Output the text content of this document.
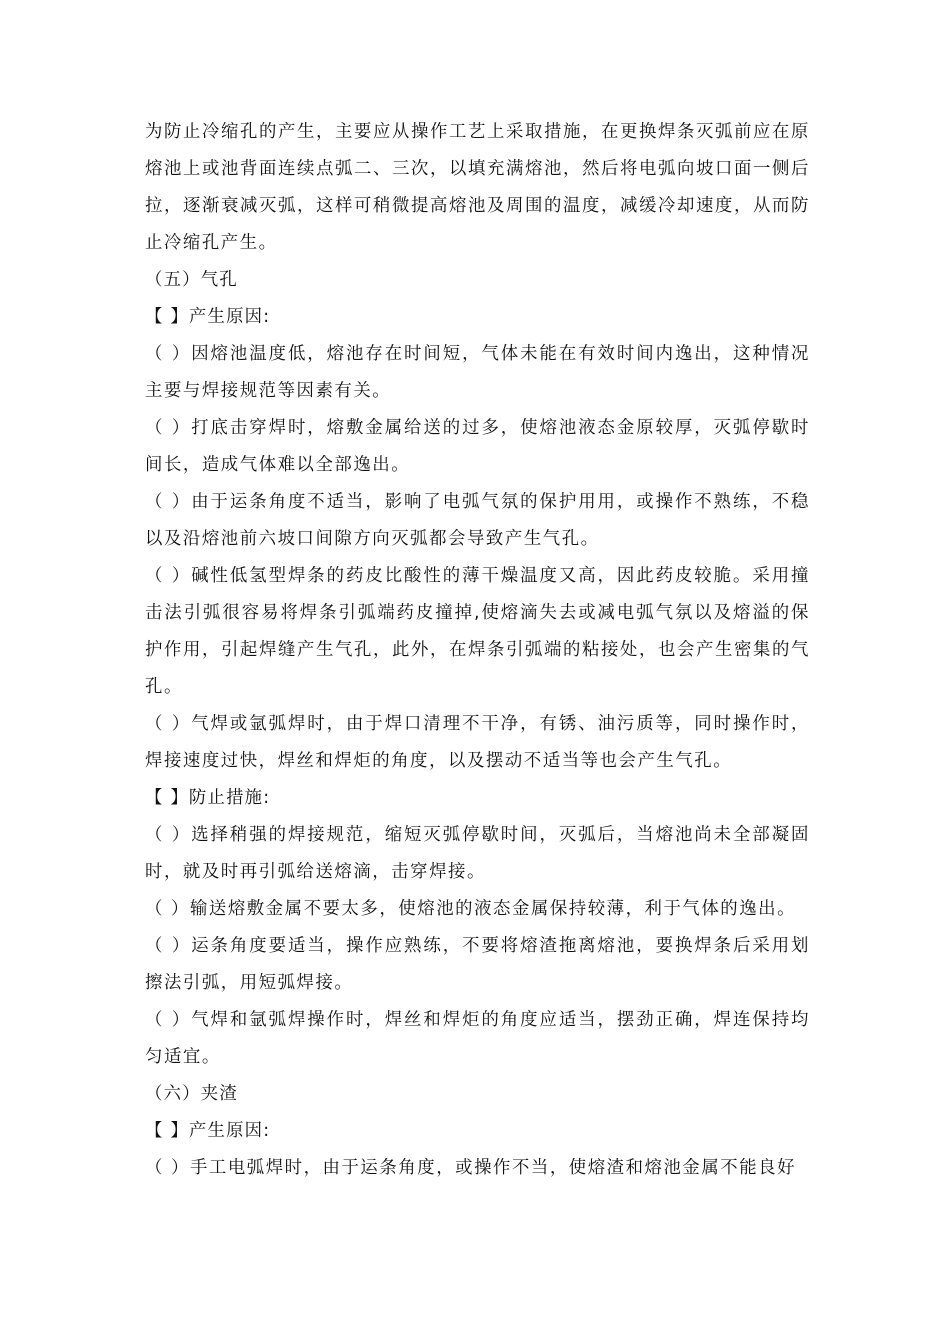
为防止冷缩孔的产生，主要应从操作工艺上采取措施，在更换焊条灭弧前应在原熔池上或池背面连续点弧二、三次，以填充满熔池，然后将电弧向坡口面一侧后拉，逐渐衰减灭弧，这样可稍微提高熔池及周围的温度，减缓冷却速度，从而防止冷缩孔产生。

（五）气孔

【 】产生原因:

（ ）因熔池温度低，熔池存在时间短，气体未能在有效时间内逸出，这种情况主要与焊接规范等因素有关。

（ ）打底击穿焊时，熔敷金属给送的过多，使熔池液态金原较厚，灭弧停歇时间长，造成气体难以全部逸出。

（ ）由于运条角度不适当，影响了电弧气氛的保护用用，或操作不熟练，不稳以及沿熔池前六坡口间隙方向灭弧都会导致产生气孔。

（ ）碱性低氢型焊条的药皮比酸性的薄干燥温度又高，因此药皮较脆。采用撞击法引弧很容易将焊条引弧端药皮撞掉,使熔滴失去或减电弧气氛以及熔溢的保护作用，引起焊缝产生气孔，此外，在焊条引弧端的粘接处，也会产生密集的气孔。

（ ）气焊或氩弧焊时，由于焊口清理不干净，有锈、油污质等，同时操作时，焊接速度过快，焊丝和焊炬的角度，以及摆动不适当等也会产生气孔。

【 】防止措施:

（ ）选择稍强的焊接规范，缩短灭弧停歇时间，灭弧后，当熔池尚未全部凝固时，就及时再引弧给送熔滴，击穿焊接。

（ ）输送熔敷金属不要太多，使熔池的液态金属保持较薄，利于气体的逸出。

（ ）运条角度要适当，操作应熟练，不要将熔渣拖离熔池，要换焊条后采用划擦法引弧，用短弧焊接。

（ ）气焊和氩弧焊操作时，焊丝和焊炬的角度应适当，摆劲正确，焊连保持均匀适宜。

（六）夹渣

【 】产生原因:

（ ）手工电弧焊时，由于运条角度，或操作不当，使熔渣和熔池金属不能良好
